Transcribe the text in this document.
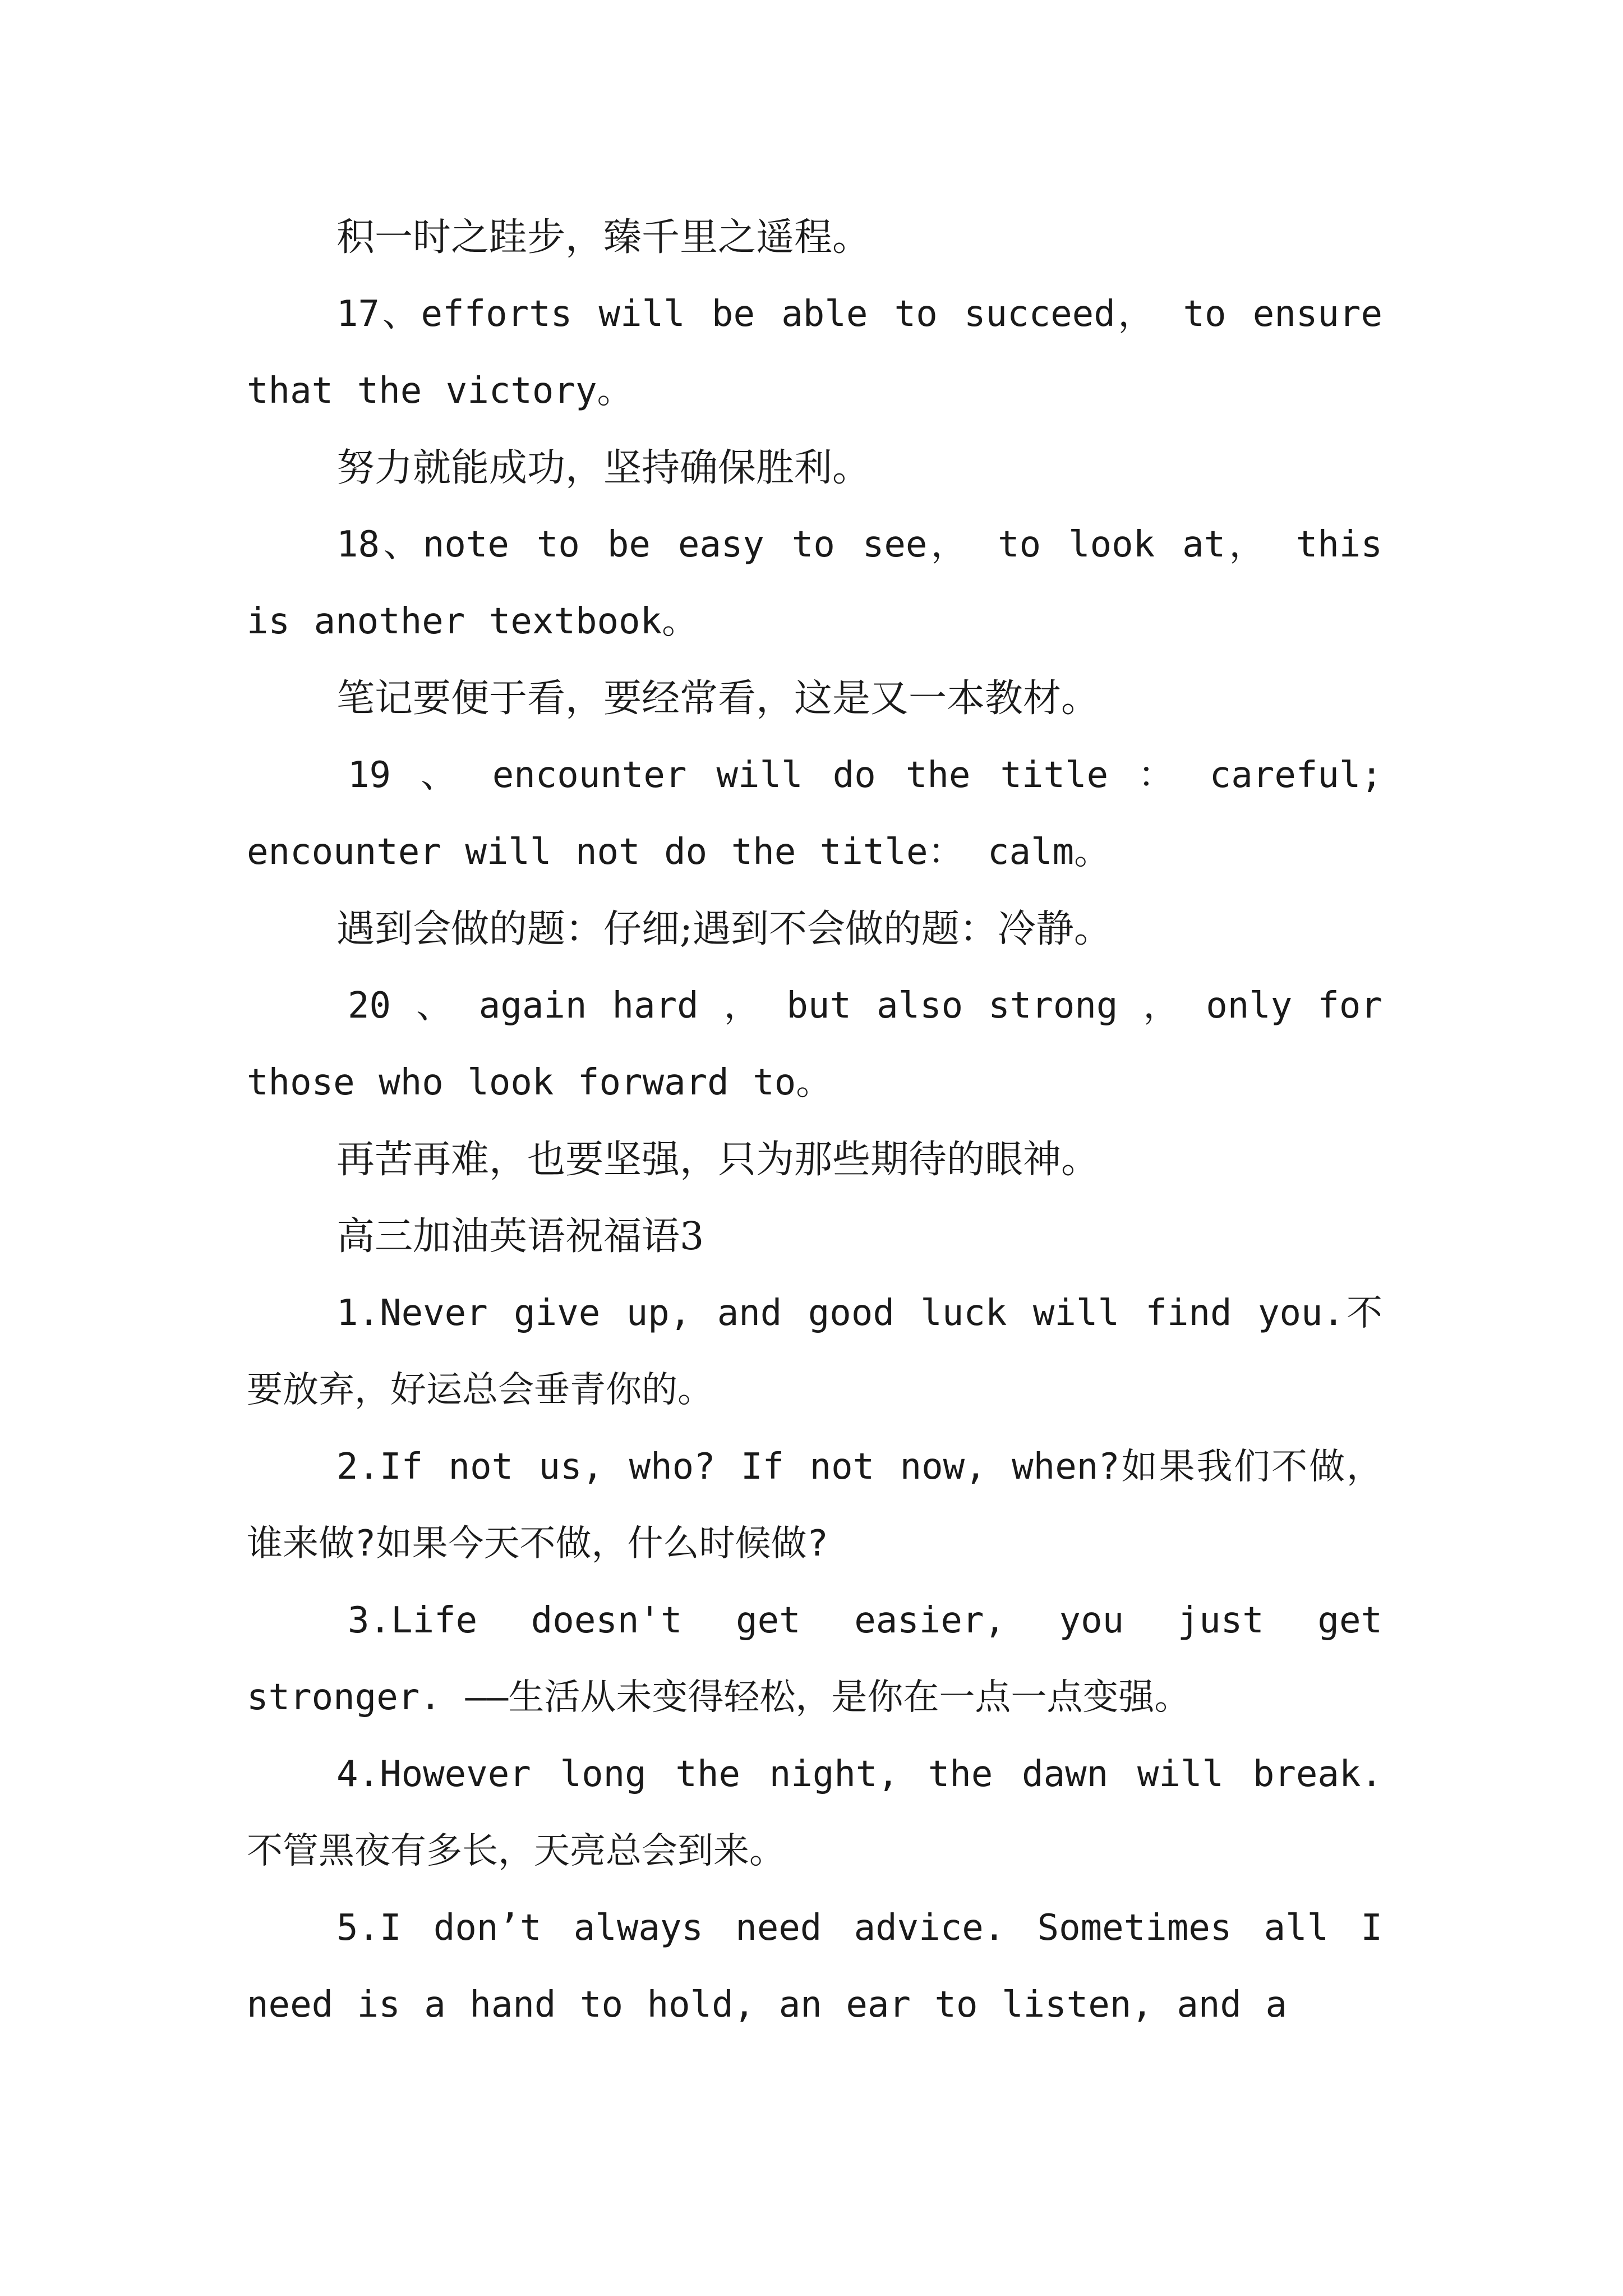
积一时之跬步，臻千里之遥程。

17、efforts will be able to succeed， to ensure that the victory。

努力就能成功，坚持确保胜利。

18、note to be easy to see， to look at， this is another textbook。

笔记要便于看，要经常看，这是又一本教材。

19 、 encounter will do the title ： careful; encounter will not do the title： calm。

遇到会做的题：仔细;遇到不会做的题：冷静。

20 、 again hard ， but also strong ， only for those who look forward to。

再苦再难，也要坚强，只为那些期待的眼神。

高三加油英语祝福语3

1.Never give up, and good luck will find you.不要放弃，好运总会垂青你的。

2.If not us, who? If not now, when?如果我们不做，谁来做?如果今天不做，什么时候做?

3.Life doesn't get easier, you just get stronger. ——生活从未变得轻松，是你在一点一点变强。

4.However long the night, the dawn will break. 不管黑夜有多长，天亮总会到来。

5.I don’t always need advice. Sometimes all I need is a hand to hold, an ear to listen, and a
